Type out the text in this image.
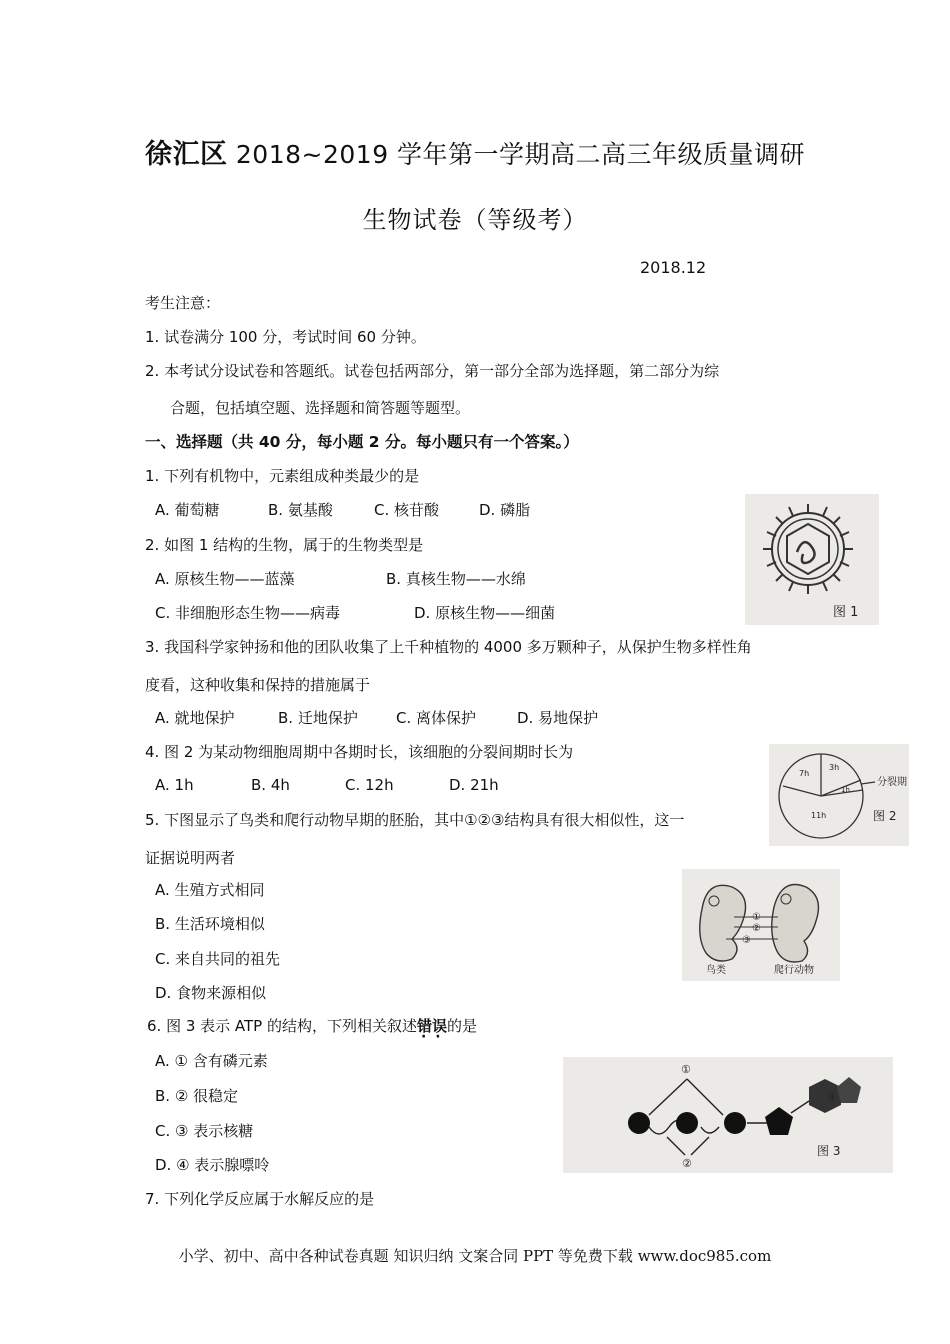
徐汇区 2018~2019 学年第一学期高二高三年级质量调研
生物试卷（等级考）
2018.12
考生注意：
1. 试卷满分 100 分，考试时间 60 分钟。
2. 本考试分设试卷和答题纸。试卷包括两部分，第一部分全部为选择题，第二部分为综
合题，包括填空题、选择题和简答题等题型。
一、选择题（共 40 分，每小题 2 分。每小题只有一个答案。）
1. 下列有机物中，元素组成种类最少的是
A. 葡萄糖	B. 氨基酸	C. 核苷酸	D. 磷脂
2. 如图 1 结构的生物，属于的生物类型是
A. 原核生物——蓝藻	B. 真核生物——水绵
C. 非细胞形态生物——病毒	D. 原核生物——细菌
3. 我国科学家钟扬和他的团队收集了上千种植物的 4000 多万颗种子，从保护生物多样性角
度看，这种收集和保持的措施属于
A. 就地保护	B. 迁地保护	C. 离体保护	D. 易地保护
4. 图 2 为某动物细胞周期中各期时长，该细胞的分裂间期时长为
A. 1h	B. 4h	C. 12h	D. 21h
5. 下图显示了鸟类和爬行动物早期的胚胎，其中①②③结构具有很大相似性，这一
证据说明两者
A. 生殖方式相同
B. 生活环境相似
C. 来自共同的祖先
D. 食物来源相似
6. 图 3 表示 ATP 的结构，下列相关叙述错误 · ·的是
A. ① 含有磷元素
B. ② 很稳定
C. ③ 表示核糖
D. ④ 表示腺嘌呤
7. 下列化学反应属于水解反应的是
图 1
分裂期
7h
3h
1h
11h	图 2
①
②
③
鸟类	爬行动物
①
②
④
图 3
小学、初中、高中各种试卷真题 知识归纳 文案合同 PPT 等免费下载 www.doc985.com
